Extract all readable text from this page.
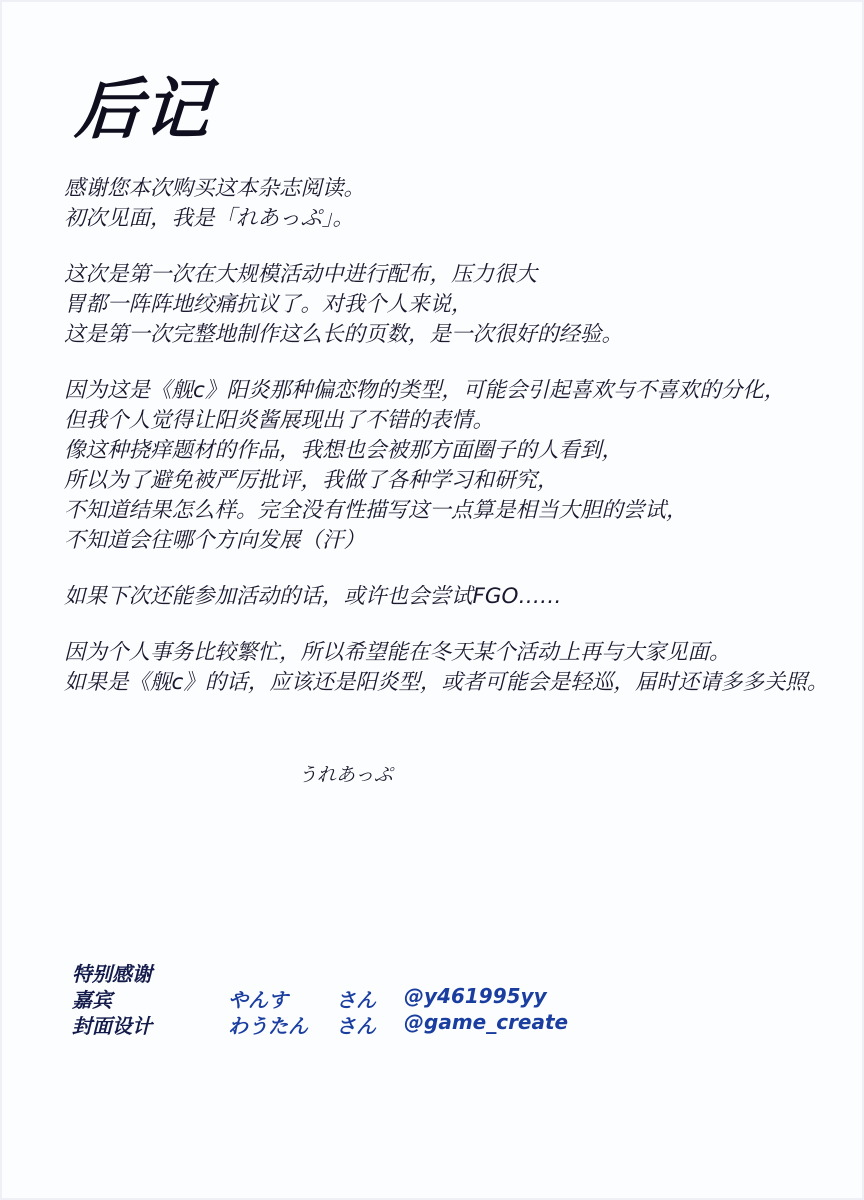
后记
感谢您本次购买这本杂志阅读。
初次见面，我是「れあっぷ」。
这次是第一次在大规模活动中进行配布，压力很大
胃都一阵阵地绞痛抗议了。对我个人来说，
这是第一次完整地制作这么长的页数，是一次很好的经验。
因为这是《舰c》阳炎那种偏恋物的类型，可能会引起喜欢与不喜欢的分化，
但我个人觉得让阳炎酱展现出了不错的表情。
像这种挠痒题材的作品，我想也会被那方面圈子的人看到，
所以为了避免被严厉批评，我做了各种学习和研究，
不知道结果怎么样。完全没有性描写这一点算是相当大胆的尝试，
不知道会往哪个方向发展（汗）
如果下次还能参加活动的话，或许也会尝试FGO……
因为个人事务比较繁忙，所以希望能在冬天某个活动上再与大家见面。
如果是《舰c》的话，应该还是阳炎型，或者可能会是轻巡，届时还请多多关照。
うれあっぷ
特别感谢
嘉宾	やんす さん @y461995yy
封面设计	わうたん さん @game_create
